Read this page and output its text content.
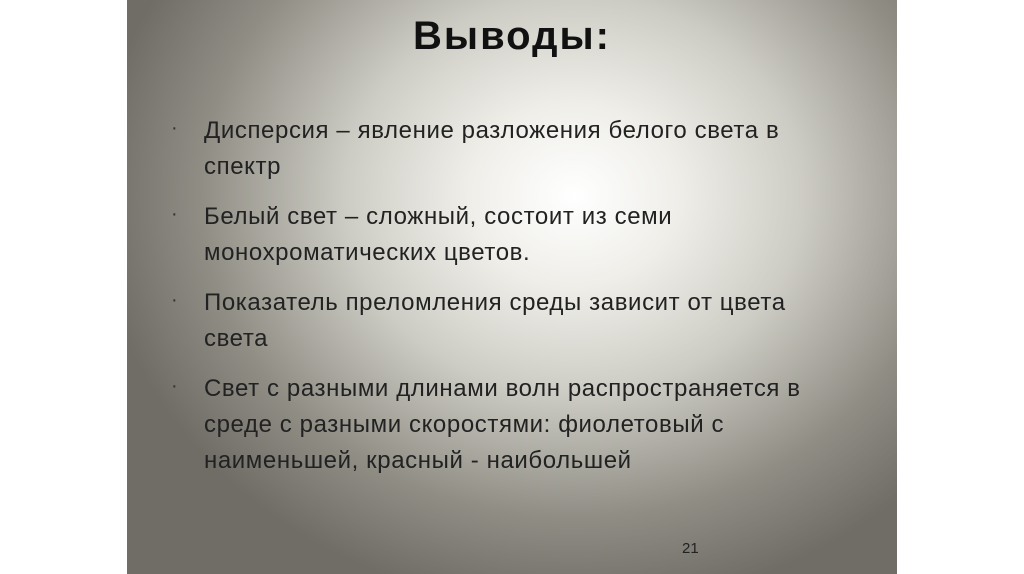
Выводы:
· Дисперсия – явление разложения белого света в спектр
· Белый свет – сложный, состоит из семи монохроматических цветов.
· Показатель преломления среды зависит от цвета света
· Свет с разными длинами волн распространяется в среде с разными скоростями: фиолетовый с наименьшей, красный - наибольшей
21
